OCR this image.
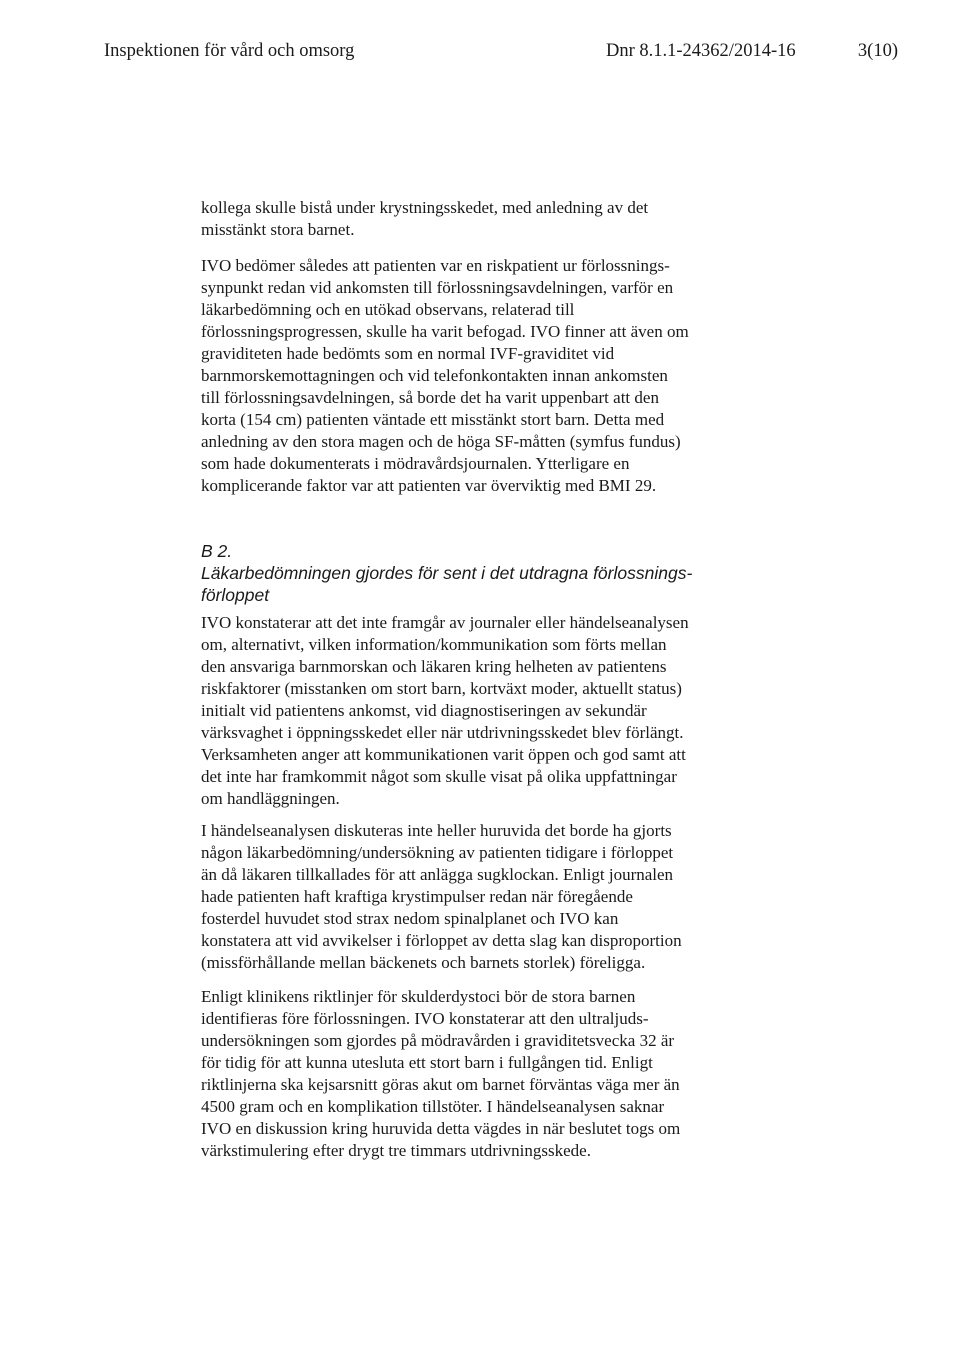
Inspektionen för vård och omsorg	Dnr 8.1.1-24362/2014-16	3(10)

kollega skulle bistå under krystningsskedet, med anledning av det
misstänkt stora barnet.

IVO bedömer således att patienten var en riskpatient ur förlossnings-
synpunkt redan vid ankomsten till förlossningsavdelningen, varför en
läkarbedömning och en utökad observans, relaterad till
förlossningsprogressen, skulle ha varit befogad. IVO finner att även om
graviditeten hade bedömts som en normal IVF-graviditet vid
barnmorskemottagningen och vid telefonkontakten innan ankomsten
till förlossningsavdelningen, så borde det ha varit uppenbart att den
korta (154 cm) patienten väntade ett misstänkt stort barn. Detta med
anledning av den stora magen och de höga SF-måtten (symfus fundus)
som hade dokumenterats i mödravårdsjournalen. Ytterligare en
komplicerande faktor var att patienten var överviktig med BMI 29.

B 2.
Läkarbedömningen gjordes för sent i det utdragna förlossnings-
förloppet

IVO konstaterar att det inte framgår av journaler eller händelseanalysen
om, alternativt, vilken information/kommunikation som förts mellan
den ansvariga barnmorskan och läkaren kring helheten av patientens
riskfaktorer (misstanken om stort barn, kortväxt moder, aktuellt status)
initialt vid patientens ankomst, vid diagnostiseringen av sekundär
värksvaghet i öppningsskedet eller när utdrivningsskedet blev förlängt.
Verksamheten anger att kommunikationen varit öppen och god samt att
det inte har framkommit något som skulle visat på olika uppfattningar
om handläggningen.

I händelseanalysen diskuteras inte heller huruvida det borde ha gjorts
någon läkarbedömning/undersökning av patienten tidigare i förloppet
än då läkaren tillkallades för att anlägga sugklockan. Enligt journalen
hade patienten haft kraftiga krystimpulser redan när föregående
fosterdel huvudet stod strax nedom spinalplanet och IVO kan
konstatera att vid avvikelser i förloppet av detta slag kan disproportion
(missförhållande mellan bäckenets och barnets storlek) föreligga.

Enligt klinikens riktlinjer för skulderdystoci bör de stora barnen
identifieras före förlossningen. IVO konstaterar att den ultraljuds-
undersökningen som gjordes på mödravården i graviditetsvecka 32 är
för tidig för att kunna utesluta ett stort barn i fullgången tid. Enligt
riktlinjerna ska kejsarsnitt göras akut om barnet förväntas väga mer än
4500 gram och en komplikation tillstöter. I händelseanalysen saknar
IVO en diskussion kring huruvida detta vägdes in när beslutet togs om
värkstimulering efter drygt tre timmars utdrivningsskede.
